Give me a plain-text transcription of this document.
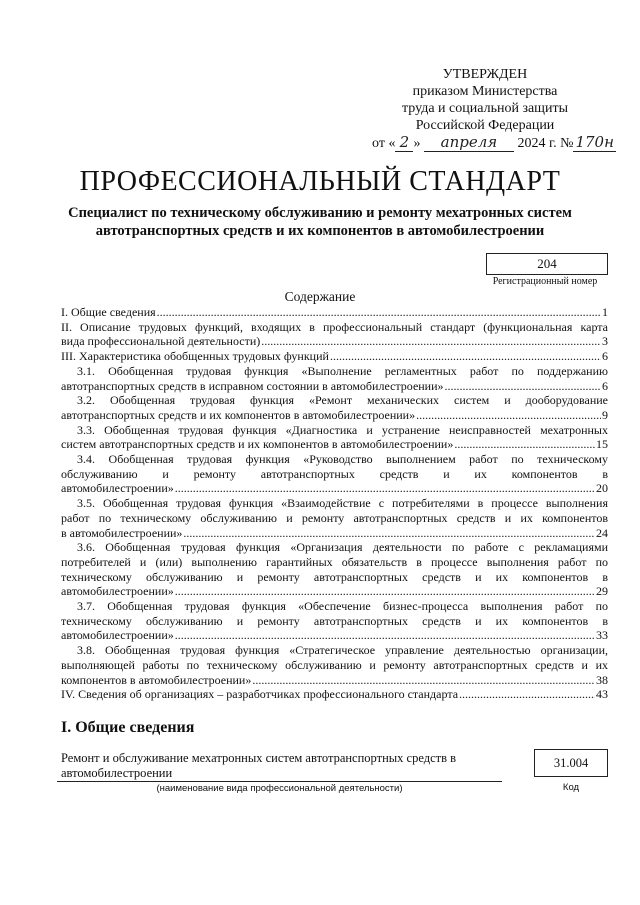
УТВЕРЖДЕН
приказом Министерства
труда и социальной защиты
Российской Федерации
от « 2 » апреля 2024 г. № 170н
ПРОФЕССИОНАЛЬНЫЙ СТАНДАРТ
Специалист по техническому обслуживанию и ремонту мехатронных систем
автотранспортных средств и их компонентов в автомобилестроении
204
Регистрационный номер
Содержание
I. Общие сведения .....	1
II. Описание трудовых функций, входящих в профессиональный стандарт (функциональная карта
вида профессиональной деятельности) .....	3
III. Характеристика обобщенных трудовых функций .....	6
3.1. Обобщенная трудовая функция «Выполнение регламентных работ по поддержанию
автотранспортных средств в исправном состоянии в автомобилестроении» .....	6
3.2. Обобщенная трудовая функция «Ремонт механических систем и дооборудование
автотранспортных средств и их компонентов в автомобилестроении» .....	9
3.3. Обобщенная трудовая функция «Диагностика и устранение неисправностей мехатронных
систем автотранспортных средств и их компонентов в автомобилестроении» .....	15
3.4. Обобщенная трудовая функция «Руководство выполнением работ по техническому
обслуживанию и ремонту автотранспортных средств и их компонентов в
автомобилестроении» .....	20
3.5. Обобщенная трудовая функция «Взаимодействие с потребителями в процессе выполнения
работ по техническому обслуживанию и ремонту автотранспортных средств и их компонентов
в автомобилестроении» .....	24
3.6. Обобщенная трудовая функция «Организация деятельности по работе с рекламациями
потребителей и (или) выполнению гарантийных обязательств в процессе выполнения работ по
техническому обслуживанию и ремонту автотранспортных средств и их компонентов в
автомобилестроении» .....	29
3.7. Обобщенная трудовая функция «Обеспечение бизнес-процесса выполнения работ по
техническому обслуживанию и ремонту автотранспортных средств и их компонентов в
автомобилестроении» .....	33
3.8. Обобщенная трудовая функция «Стратегическое управление деятельностью организации,
выполняющей работы по техническому обслуживанию и ремонту автотранспортных средств и их
компонентов в автомобилестроении» .....	38
IV. Сведения об организациях – разработчиках профессионального стандарта .....	43
I. Общие сведения
Ремонт и обслуживание мехатронных систем автотранспортных средств в автомобилестроении
(наименование вида профессиональной деятельности)
31.004
Код
